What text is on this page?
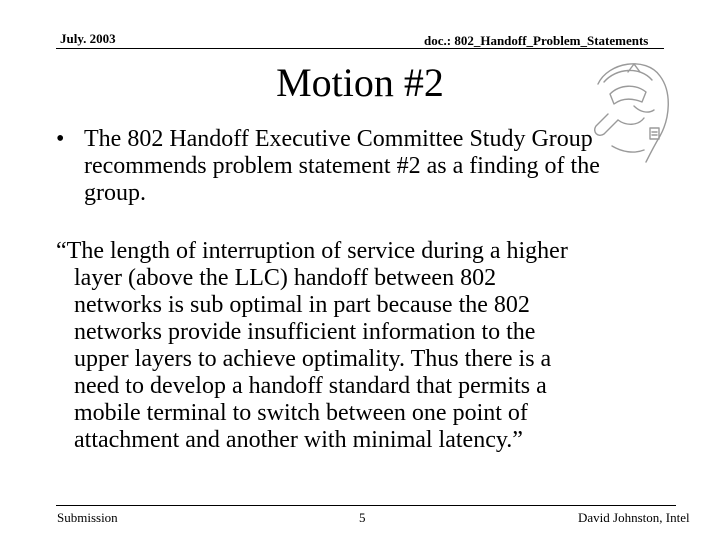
July. 2003	doc.: 802_Handoff_Problem_Statements
Motion #2
• The 802 Handoff Executive Committee Study Group recommends problem statement #2 as a finding of the group.
“The length of interruption of service during a higher
layer (above the LLC) handoff between 802
networks is sub optimal in part because the 802
networks provide insufficient information to the
upper layers to achieve optimality. Thus there is a
need to develop a handoff standard that permits a
mobile terminal to switch between one point of
attachment and another with minimal latency.”
Submission	5	David Johnston, Intel
